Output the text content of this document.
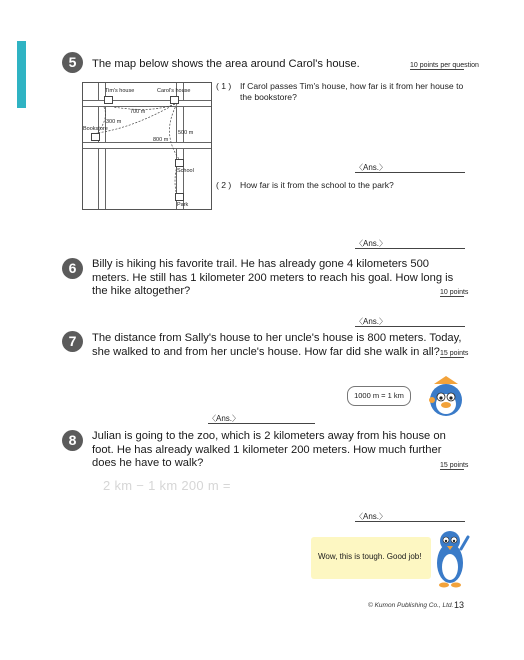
5	The map below shows the area around Carol's house.	10 points per question
Tim's house	Carol's house
Bookstore
School
Park
700 m
300 m
500 m
800 m
( 1 ) If Carol passes Tim's house, how far is it from her house to the bookstore?
〈Ans.〉
( 2 ) How far is it from the school to the park?
〈Ans.〉
6	Billy is hiking his favorite trail. He has already gone 4 kilometers 500 meters. He still has 1 kilometer 200 meters to reach his goal. How long is the hike altogether?	10 points
〈Ans.〉
7	The distance from Sally's house to her uncle's house is 800 meters. Today, she walked to and from her uncle's house. How far did she walk in all? 15 points
1000 m = 1 km
〈Ans.〉
8	Julian is going to the zoo, which is 2 kilometers away from his house on foot. He has already walked 1 kilometer 200 meters. How much further does he have to walk?	15 points
2 km − 1 km 200 m =
〈Ans.〉
Wow, this is tough. Good job!
© Kumon Publishing Co., Ltd. 13
